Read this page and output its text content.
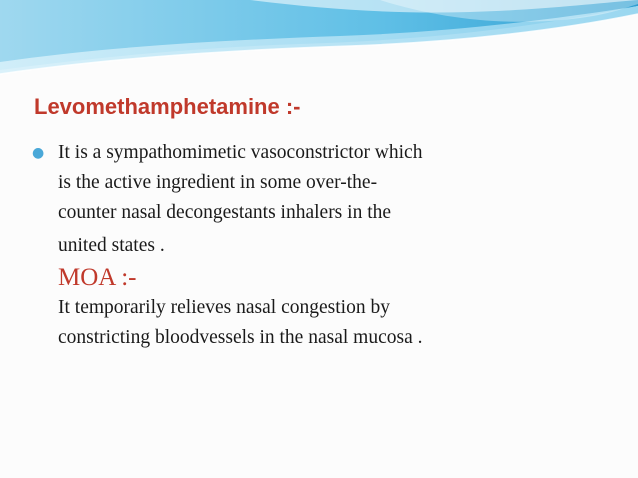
Levomethamphetamine :-
● It is a sympathomimetic vasoconstrictor which
is the active ingredient in some over-the-
counter nasal decongestants inhalers in the
united states .
MOA :-
It temporarily relieves nasal congestion by
constricting bloodvessels in the nasal mucosa .
